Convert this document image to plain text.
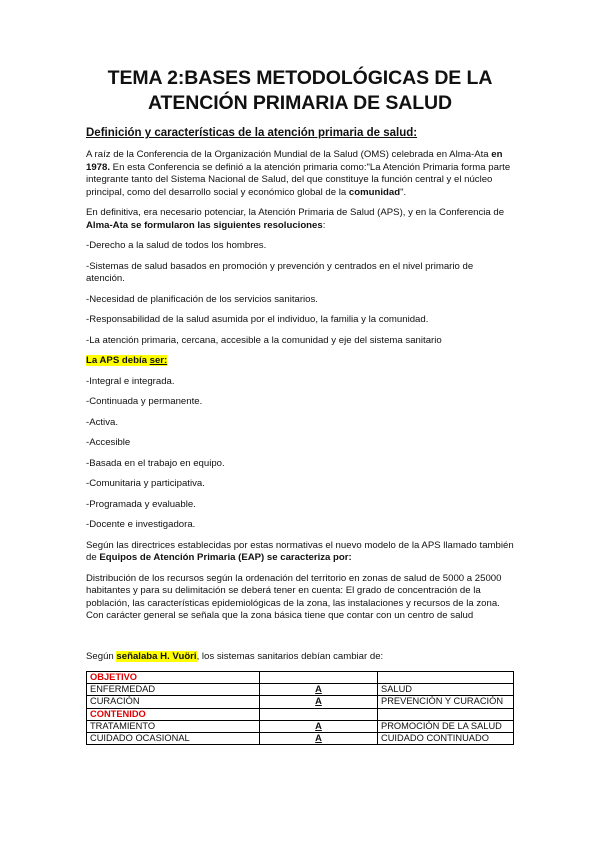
TEMA 2:BASES METODOLÓGICAS DE LA
ATENCIÓN PRIMARIA DE SALUD
Definición y características de la atención primaria de salud:

A raíz de la Conferencia de la Organización Mundial de la Salud (OMS) celebrada en Alma-Ata en 1978. En esta Conferencia se definió a la atención primaria como:"La Atención Primaria forma parte integrante tanto del Sistema Nacional de Salud, del que constituye la función central y el núcleo principal, como del desarrollo social y económico global de la comunidad".

En definitiva, era necesario potenciar, la Atención Primaria de Salud (APS), y en la Conferencia de Alma-Ata se formularon las siguientes resoluciones:

-Derecho a la salud de todos los hombres.

-Sistemas de salud basados en promoción y prevención y centrados en el nivel primario de atención.

-Necesidad de planificación de los servicios sanitarios.

-Responsabilidad de la salud asumida por el individuo, la familia y la comunidad.

-La atención primaria, cercana, accesible a la comunidad y eje del sistema sanitario

La APS debía ser:

-Integral e integrada.

-Continuada y permanente.

-Activa.

-Accesible

-Basada en el trabajo en equipo.

-Comunitaria y participativa.

-Programada y evaluable.

-Docente e investigadora.

Según las directrices establecidas por estas normativas el nuevo modelo de la APS llamado también de Equipos de Atención Primaria (EAP) se caracteriza por:

Distribución de los recursos según la ordenación del territorio en zonas de salud de 5000 a 25000 habitantes y para su delimitación se deberá tener en cuenta: El grado de concentración de la población, las características epidemiológicas de la zona, las instalaciones y recursos de la zona. Con carácter general se señala que la zona básica tiene que contar con un centro de salud

Según señalaba H. Vuöri, los sistemas sanitarios debían cambiar de:

OBJETIVO		
ENFERMEDAD	A	SALUD
CURACIÓN	A	PREVENCIÓN Y CURACIÓN
CONTENIDO		
TRATAMIENTO	A	PROMOCIÓN DE LA SALUD
CUIDADO OCASIONAL	A	CUIDADO CONTINUADO
